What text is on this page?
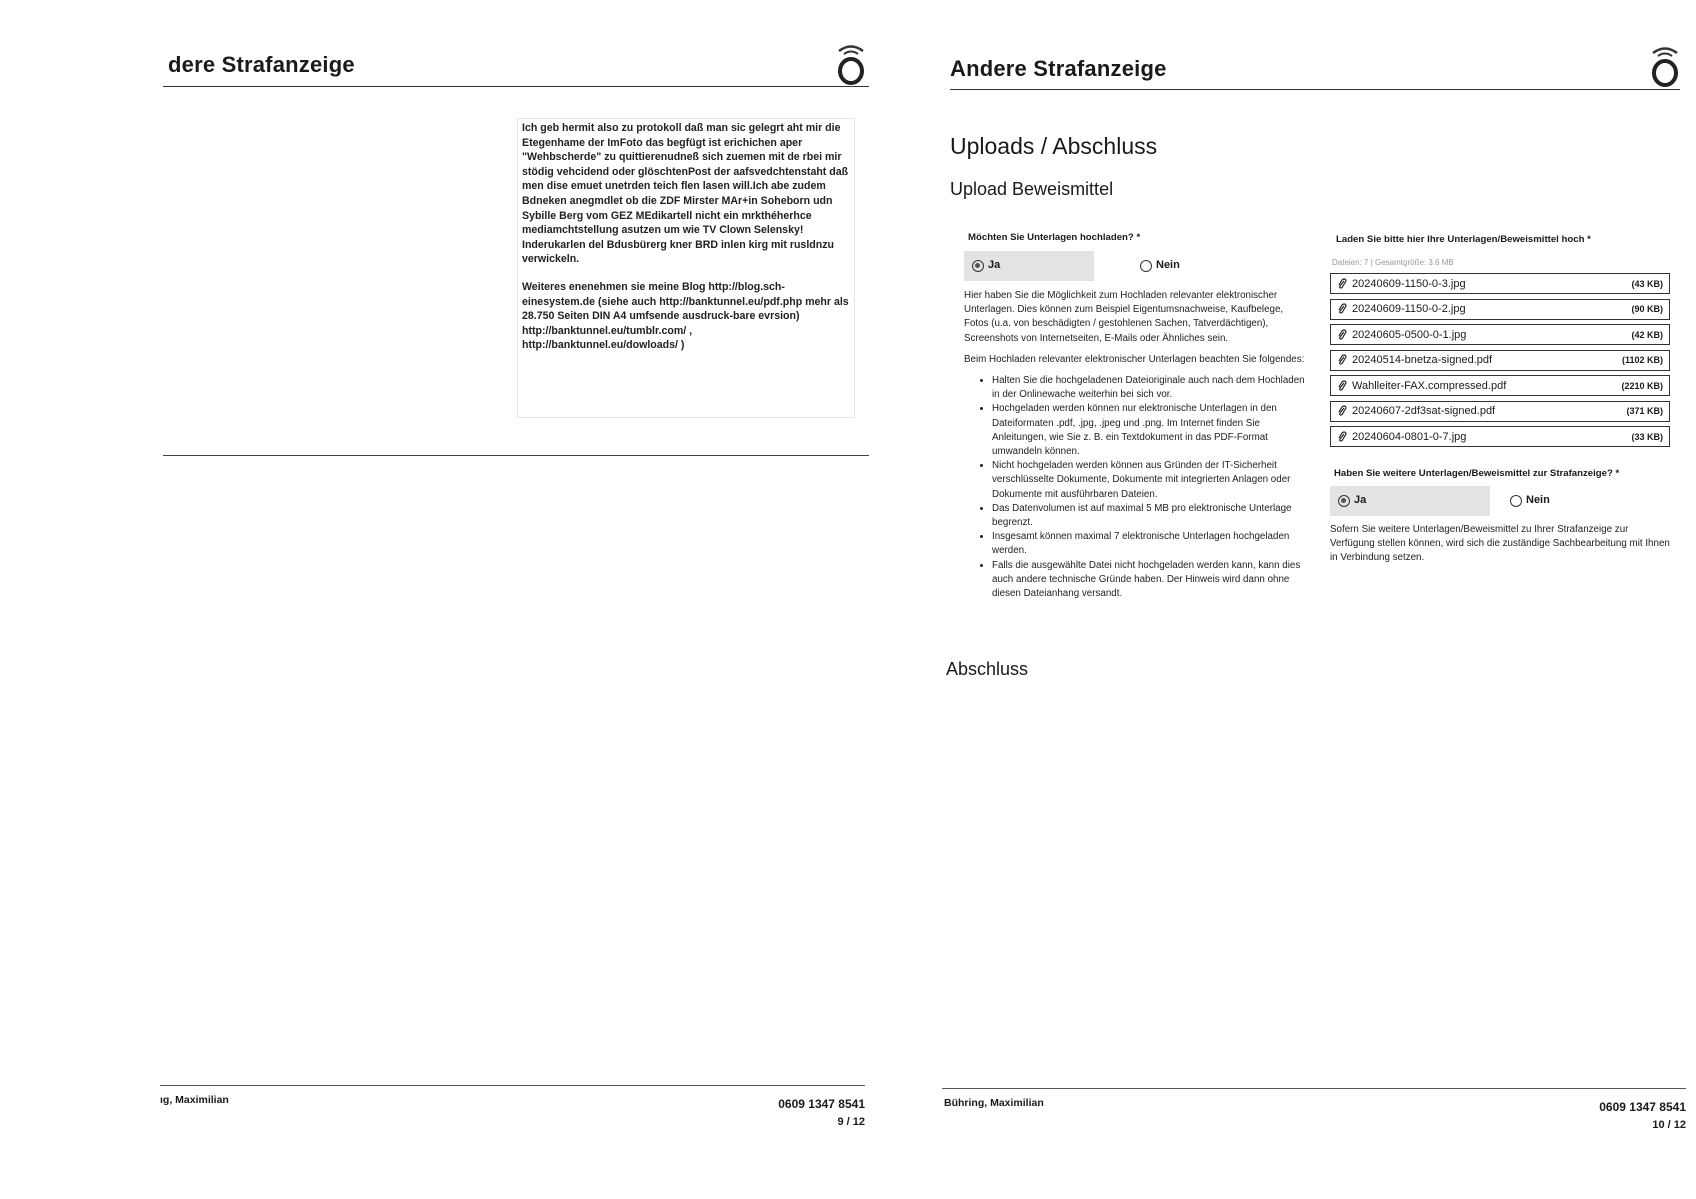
dere Strafanzeige

Ich geb hermit also zu protokoll daß man sic gelegrt aht mir die Etegenhame der ImFoto das begfügt ist erichichen aper "Wehbscherde" zu quittierenudneß sich zuemen mit de rbei mir stödig vehcidend oder glöschtenPost der aafsvedchtenstaht daß men dise emuet unetrden teich flen lasen will.Ich abe zudem Bdneken anegmdlet ob die ZDF Mirster MAr+in Soheborn udn Sybille Berg vom GEZ MEdikartell nicht ein mrkthéherhce mediamchtstellung asutzen um wie TV Clown Selensky! Inderukarlen del Bdusbürerg kner BRD inlen kirg mit rusldnzu verwickeln.

Weiteres enenehmen sie meine Blog http://blog.sch-einesystem.de (siehe auch http://banktunnel.eu/pdf.php mehr als 28.750 Seiten DIN A4 umfsende ausdruck-bare evrsion) http://banktunnel.eu/tumblr.com/ , http://banktunnel.eu/dowloads/ )

ıg, Maximilian	0609 1347 8541
9 / 12
Andere Strafanzeige
Uploads / Abschluss
Upload Beweismittel
Möchten Sie Unterlagen hochladen? *
Ja	Nein

Hier haben Sie die Möglichkeit zum Hochladen relevanter elektronischer Unterlagen. Dies können zum Beispiel Eigentumsnachweise, Kaufbelege, Fotos (u.a. von beschädigten / gestohlenen Sachen, Tatverdächtigen), Screenshots von Internetseiten, E-Mails oder Ähnliches sein.

Beim Hochladen relevanter elektronischer Unterlagen beachten Sie folgendes:

• Halten Sie die hochgeladenen Dateioriginale auch nach dem Hochladen in der Onlinewache weiterhin bei sich vor.
• Hochgeladen werden können nur elektronische Unterlagen in den Dateiformaten .pdf, .jpg, .jpeg und .png. Im Internet finden Sie Anleitungen, wie Sie z. B. ein Textdokument in das PDF-Format umwandeln können.
• Nicht hochgeladen werden können aus Gründen der IT-Sicherheit verschlüsselte Dokumente, Dokumente mit integrierten Anlagen oder Dokumente mit ausführbaren Dateien.
• Das Datenvolumen ist auf maximal 5 MB pro elektronische Unterlage begrenzt.
• Insgesamt können maximal 7 elektronische Unterlagen hochgeladen werden.
• Falls die ausgewählte Datei nicht hochgeladen werden kann, kann dies auch andere technische Gründe haben. Der Hinweis wird dann ohne diesen Dateianhang versandt.
Laden Sie bitte hier Ihre Unterlagen/Beweismittel hoch *
Dateien: 7 | Gesamtgröße: 3.6 MB
20240609-1150-0-3.jpg	(43 KB)
20240609-1150-0-2.jpg	(90 KB)
20240605-0500-0-1.jpg	(42 KB)
20240514-bnetza-signed.pdf	(1102 KB)
Wahlleiter-FAX.compressed.pdf	(2210 KB)
20240607-2df3sat-signed.pdf	(371 KB)
20240604-0801-0-7.jpg	(33 KB)
Haben Sie weitere Unterlagen/Beweismittel zur Strafanzeige? *
Ja	Nein
Sofern Sie weitere Unterlagen/Beweismittel zu Ihrer Strafanzeige zur Verfügung stellen können, wird sich die zuständige Sachbearbeitung mit Ihnen in Verbindung setzen.
Abschluss
Bühring, Maximilian	0609 1347 8541
10 / 12
